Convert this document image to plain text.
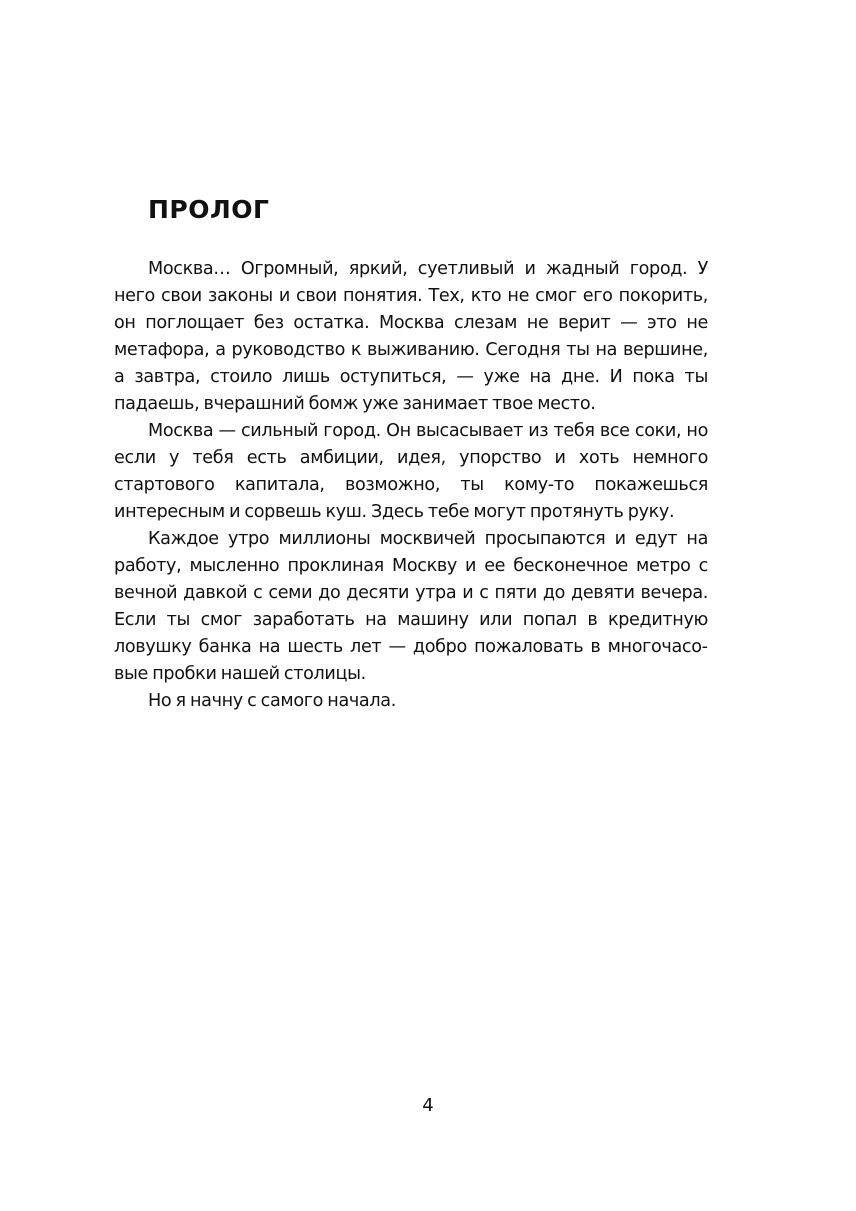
ПРОЛОГ

Москва… Огромный, яркий, суетливый и жадный город. У него свои законы и свои понятия. Тех, кто не смог его покорить, он поглощает без остатка. Москва слезам не верит — это не метафора, а руководство к выживанию. Сегодня ты на вершине, а завтра, стоило лишь оступиться, — уже на дне. И пока ты падаешь, вчерашний бомж уже занимает твое место.

Москва — сильный город. Он высасывает из тебя все соки, но если у тебя есть амбиции, идея, упорство и хоть немного стартового капитала, возможно, ты кому-то покажешься интересным и сорвешь куш. Здесь тебе могут протянуть руку.

Каждое утро миллионы москвичей просыпаются и едут на работу, мысленно проклиная Москву и ее бесконечное метро с вечной давкой с семи до десяти утра и с пяти до девяти вечера. Если ты смог заработать на машину или попал в кредитную ловушку банка на шесть лет — добро пожаловать в многочасовые пробки нашей столицы.

Но я начну с самого начала.

4
